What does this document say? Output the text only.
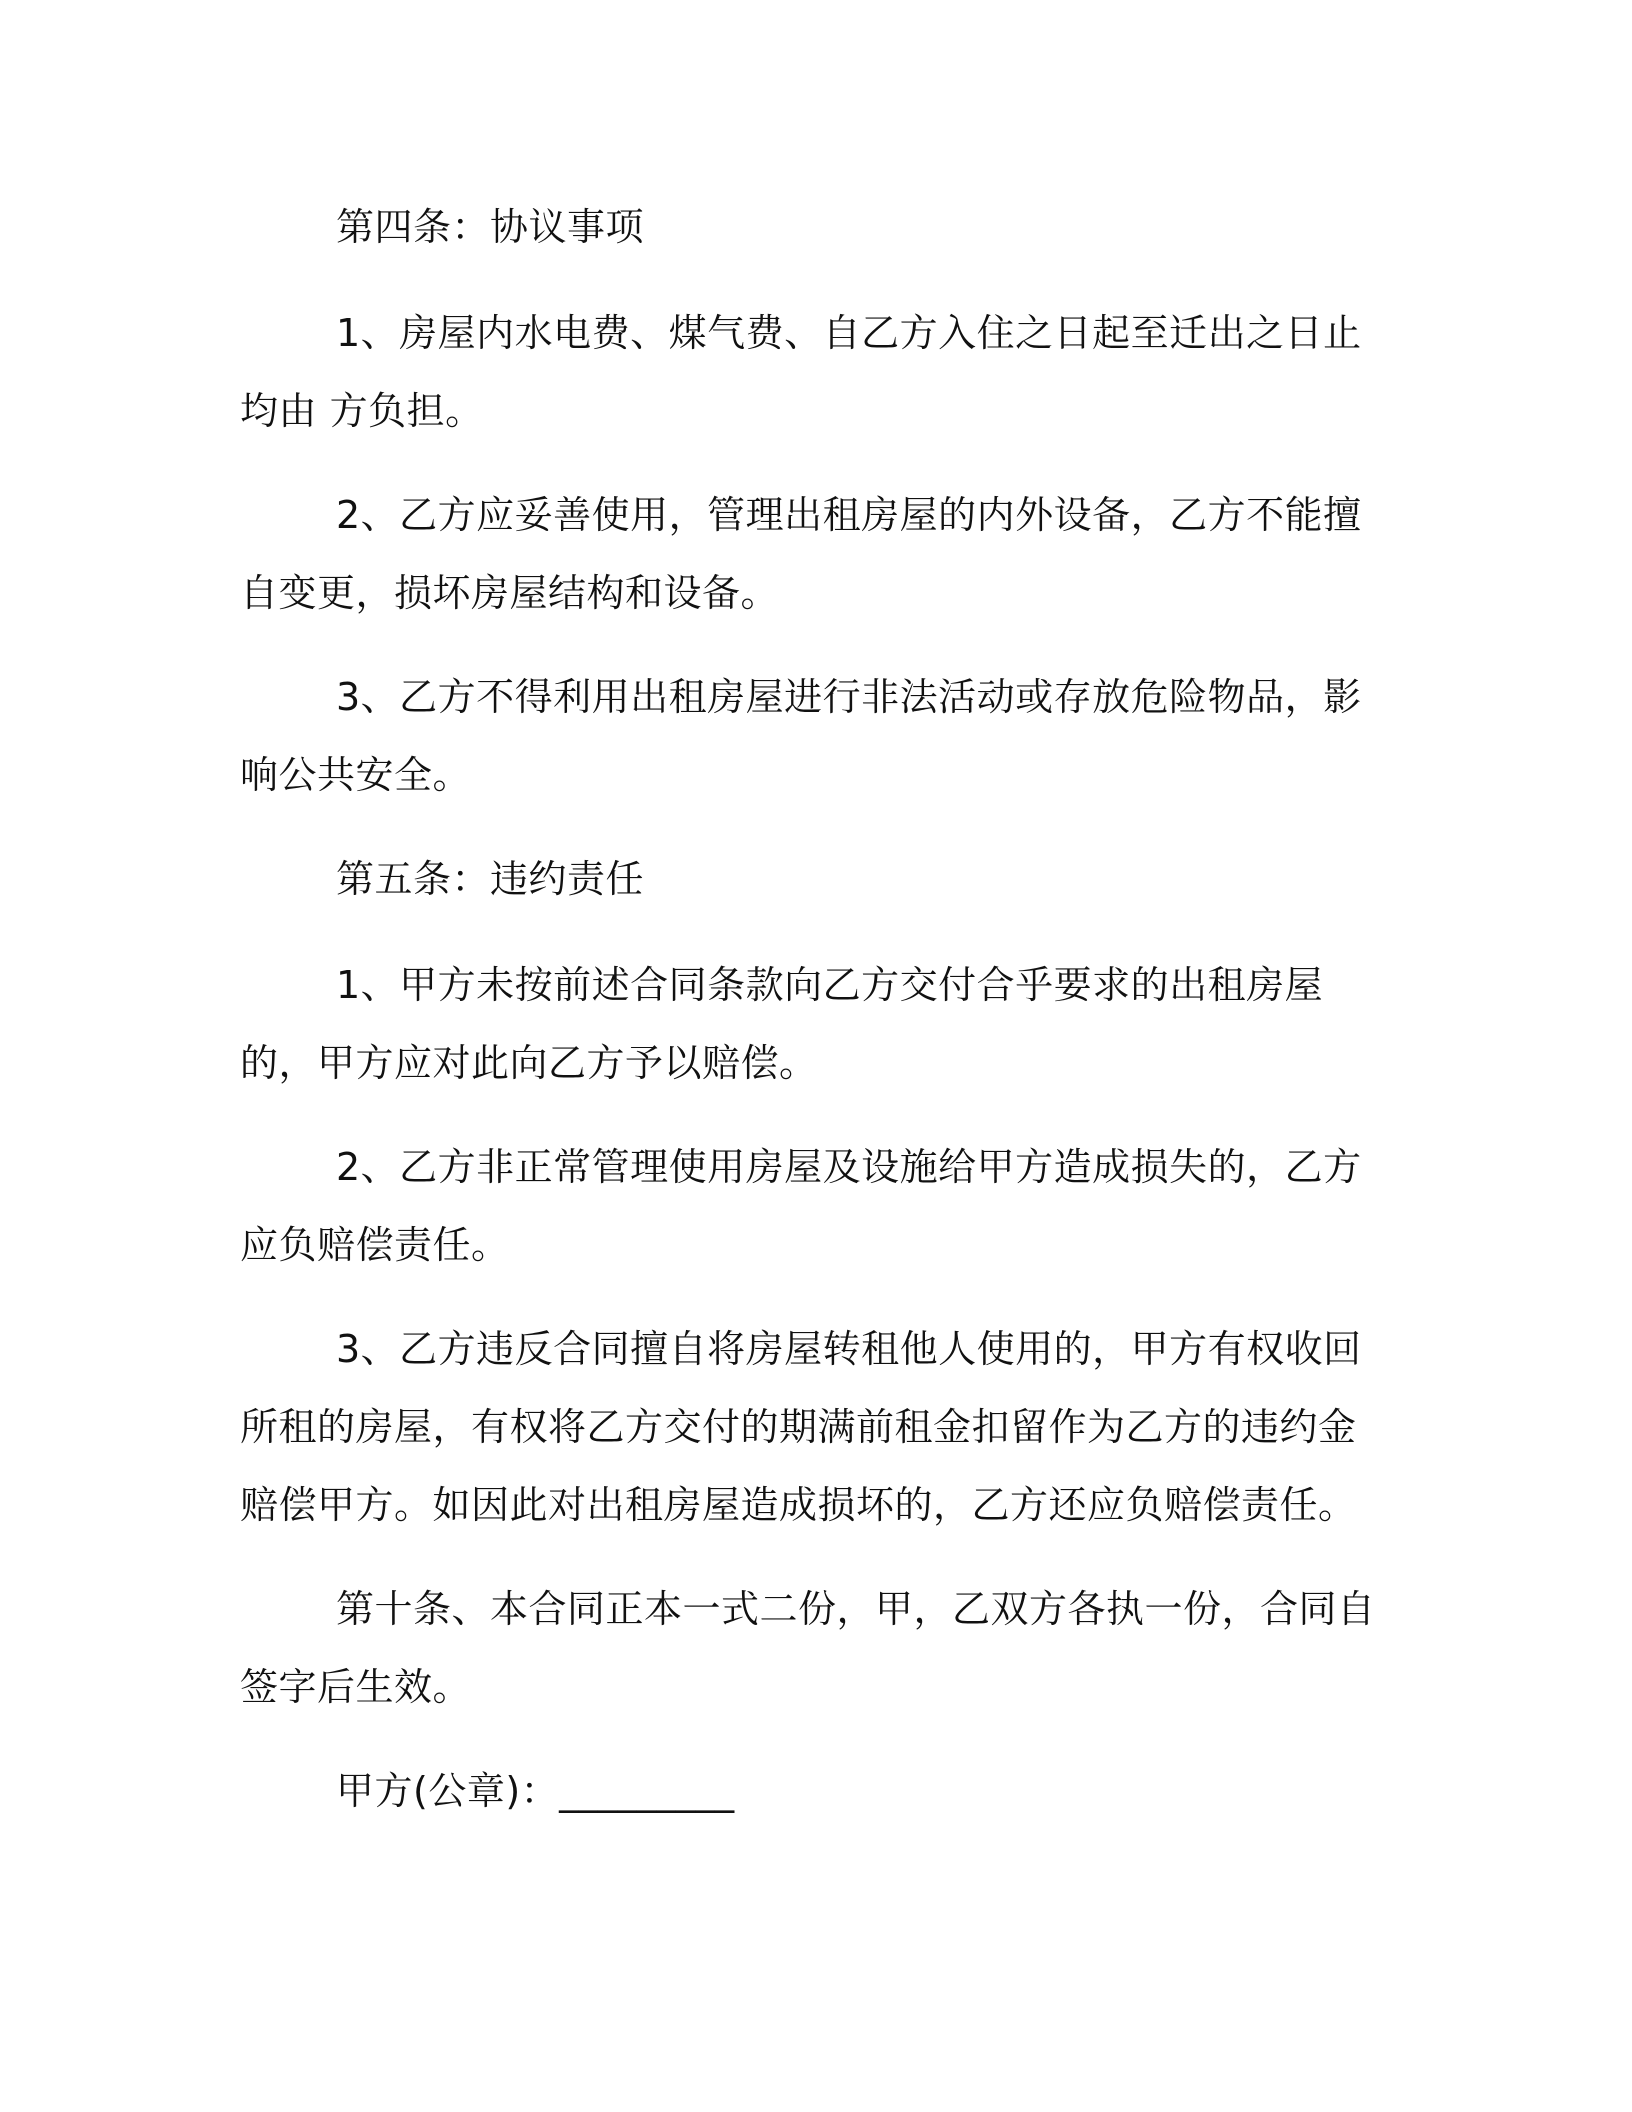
第四条：协议事项

1、房屋内水电费、煤气费、自乙方入住之日起至迁出之日止均由 方负担。

2、乙方应妥善使用，管理出租房屋的内外设备，乙方不能擅自变更，损坏房屋结构和设备。

3、乙方不得利用出租房屋进行非法活动或存放危险物品，影响公共安全。

第五条：违约责任

1、甲方未按前述合同条款向乙方交付合乎要求的出租房屋的，甲方应对此向乙方予以赔偿。

2、乙方非正常管理使用房屋及设施给甲方造成损失的，乙方应负赔偿责任。

3、乙方违反合同擅自将房屋转租他人使用的，甲方有权收回所租的房屋，有权将乙方交付的期满前租金扣留作为乙方的违约金赔偿甲方。如因此对出租房屋造成损坏的，乙方还应负赔偿责任。

第十条、本合同正本一式二份，甲，乙双方各执一份，合同自签字后生效。

甲方(公章)：_________
